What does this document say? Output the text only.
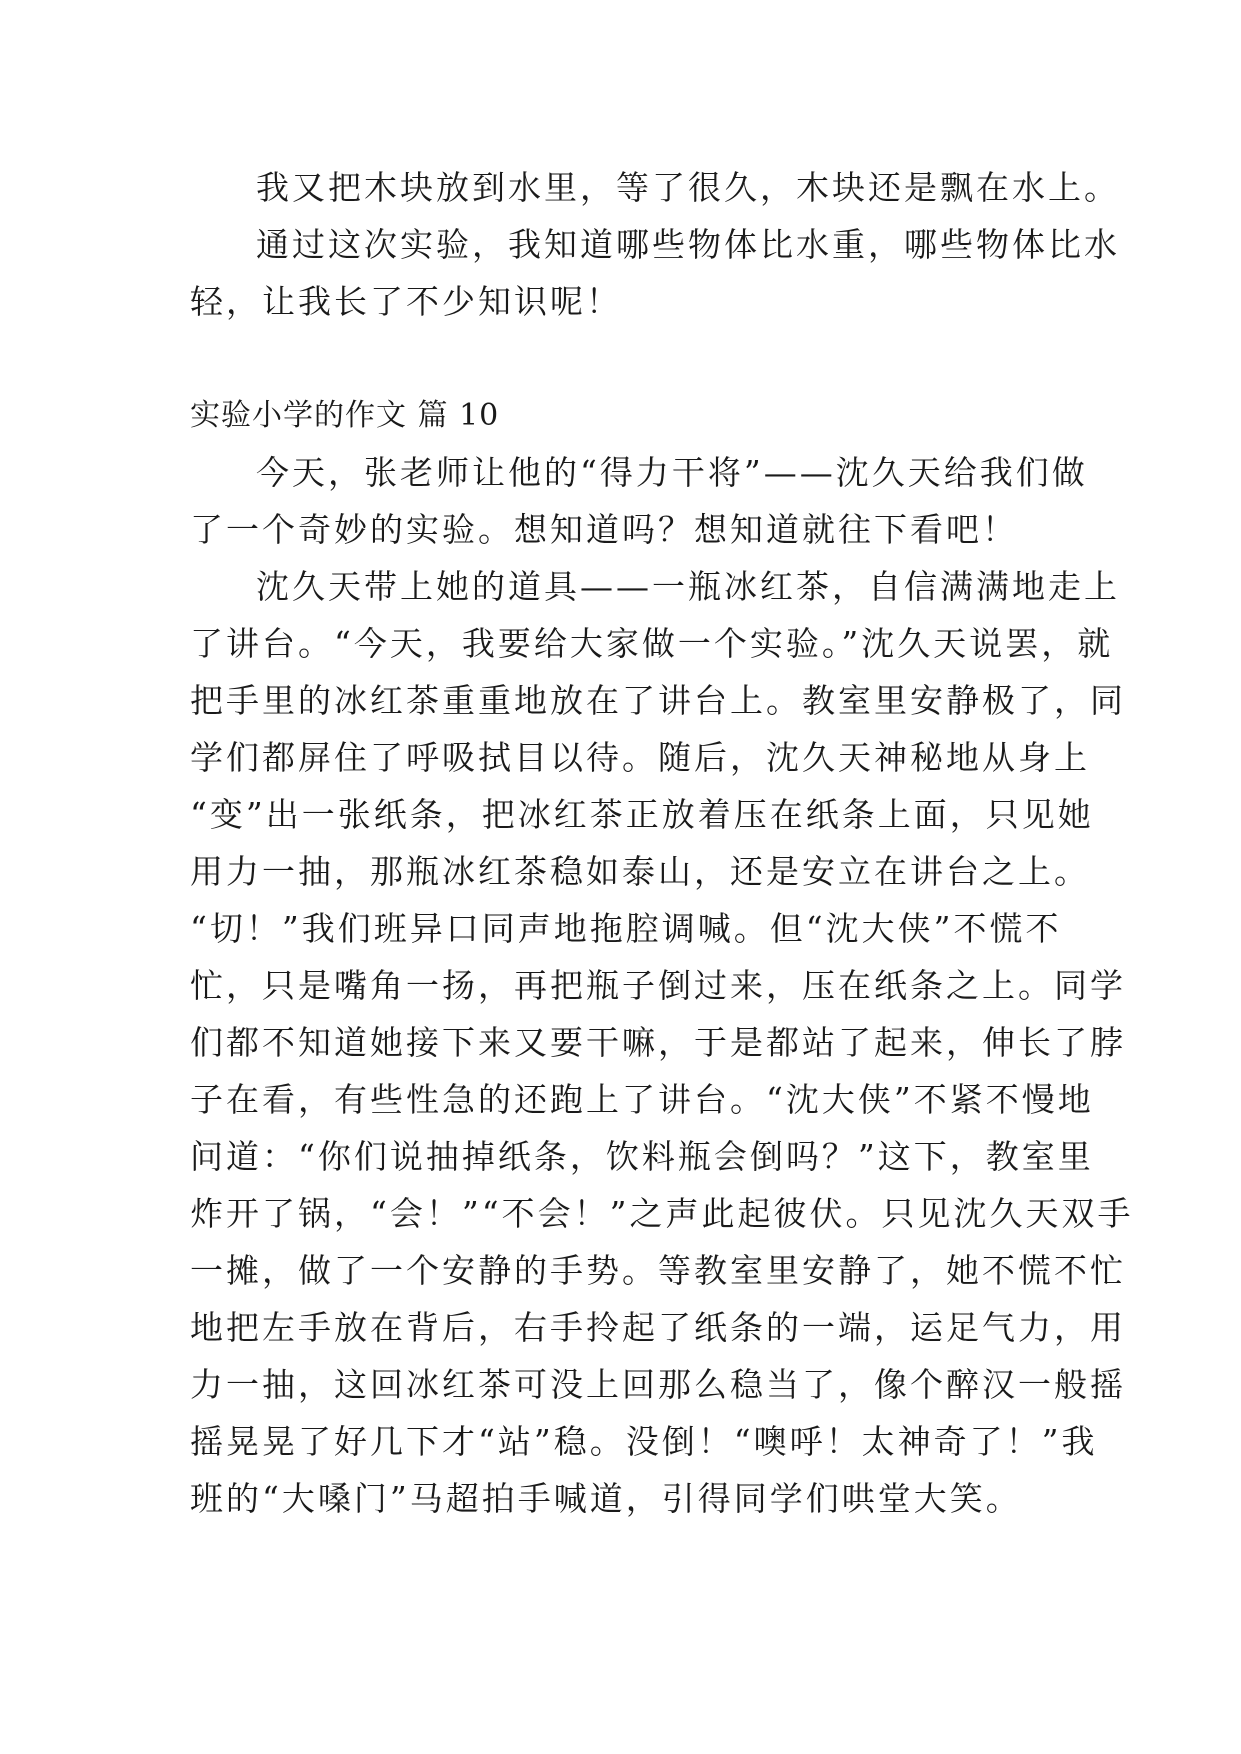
我又把木块放到水里，等了很久，木块还是飘在水上。
通过这次实验，我知道哪些物体比水重，哪些物体比水
轻，让我长了不少知识呢！
实验小学的作文 篇 10
今天，张老师让他的“得力干将”——沈久天给我们做
了一个奇妙的实验。想知道吗？想知道就往下看吧！
沈久天带上她的道具——一瓶冰红茶，自信满满地走上
了讲台。“今天，我要给大家做一个实验。”沈久天说罢，就
把手里的冰红茶重重地放在了讲台上。教室里安静极了，同
学们都屏住了呼吸拭目以待。随后，沈久天神秘地从身上
“变”出一张纸条，把冰红茶正放着压在纸条上面，只见她
用力一抽，那瓶冰红茶稳如泰山，还是安立在讲台之上。
“切！”我们班异口同声地拖腔调喊。但“沈大侠”不慌不
忙，只是嘴角一扬，再把瓶子倒过来，压在纸条之上。同学
们都不知道她接下来又要干嘛，于是都站了起来，伸长了脖
子在看，有些性急的还跑上了讲台。“沈大侠”不紧不慢地
问道：“你们说抽掉纸条，饮料瓶会倒吗？”这下，教室里
炸开了锅，“会！”“不会！”之声此起彼伏。只见沈久天双手
一摊，做了一个安静的手势。等教室里安静了，她不慌不忙
地把左手放在背后，右手拎起了纸条的一端，运足气力，用
力一抽，这回冰红茶可没上回那么稳当了，像个醉汉一般摇
摇晃晃了好几下才“站”稳。没倒！“噢呼！太神奇了！”我
班的“大嗓门”马超拍手喊道，引得同学们哄堂大笑。
